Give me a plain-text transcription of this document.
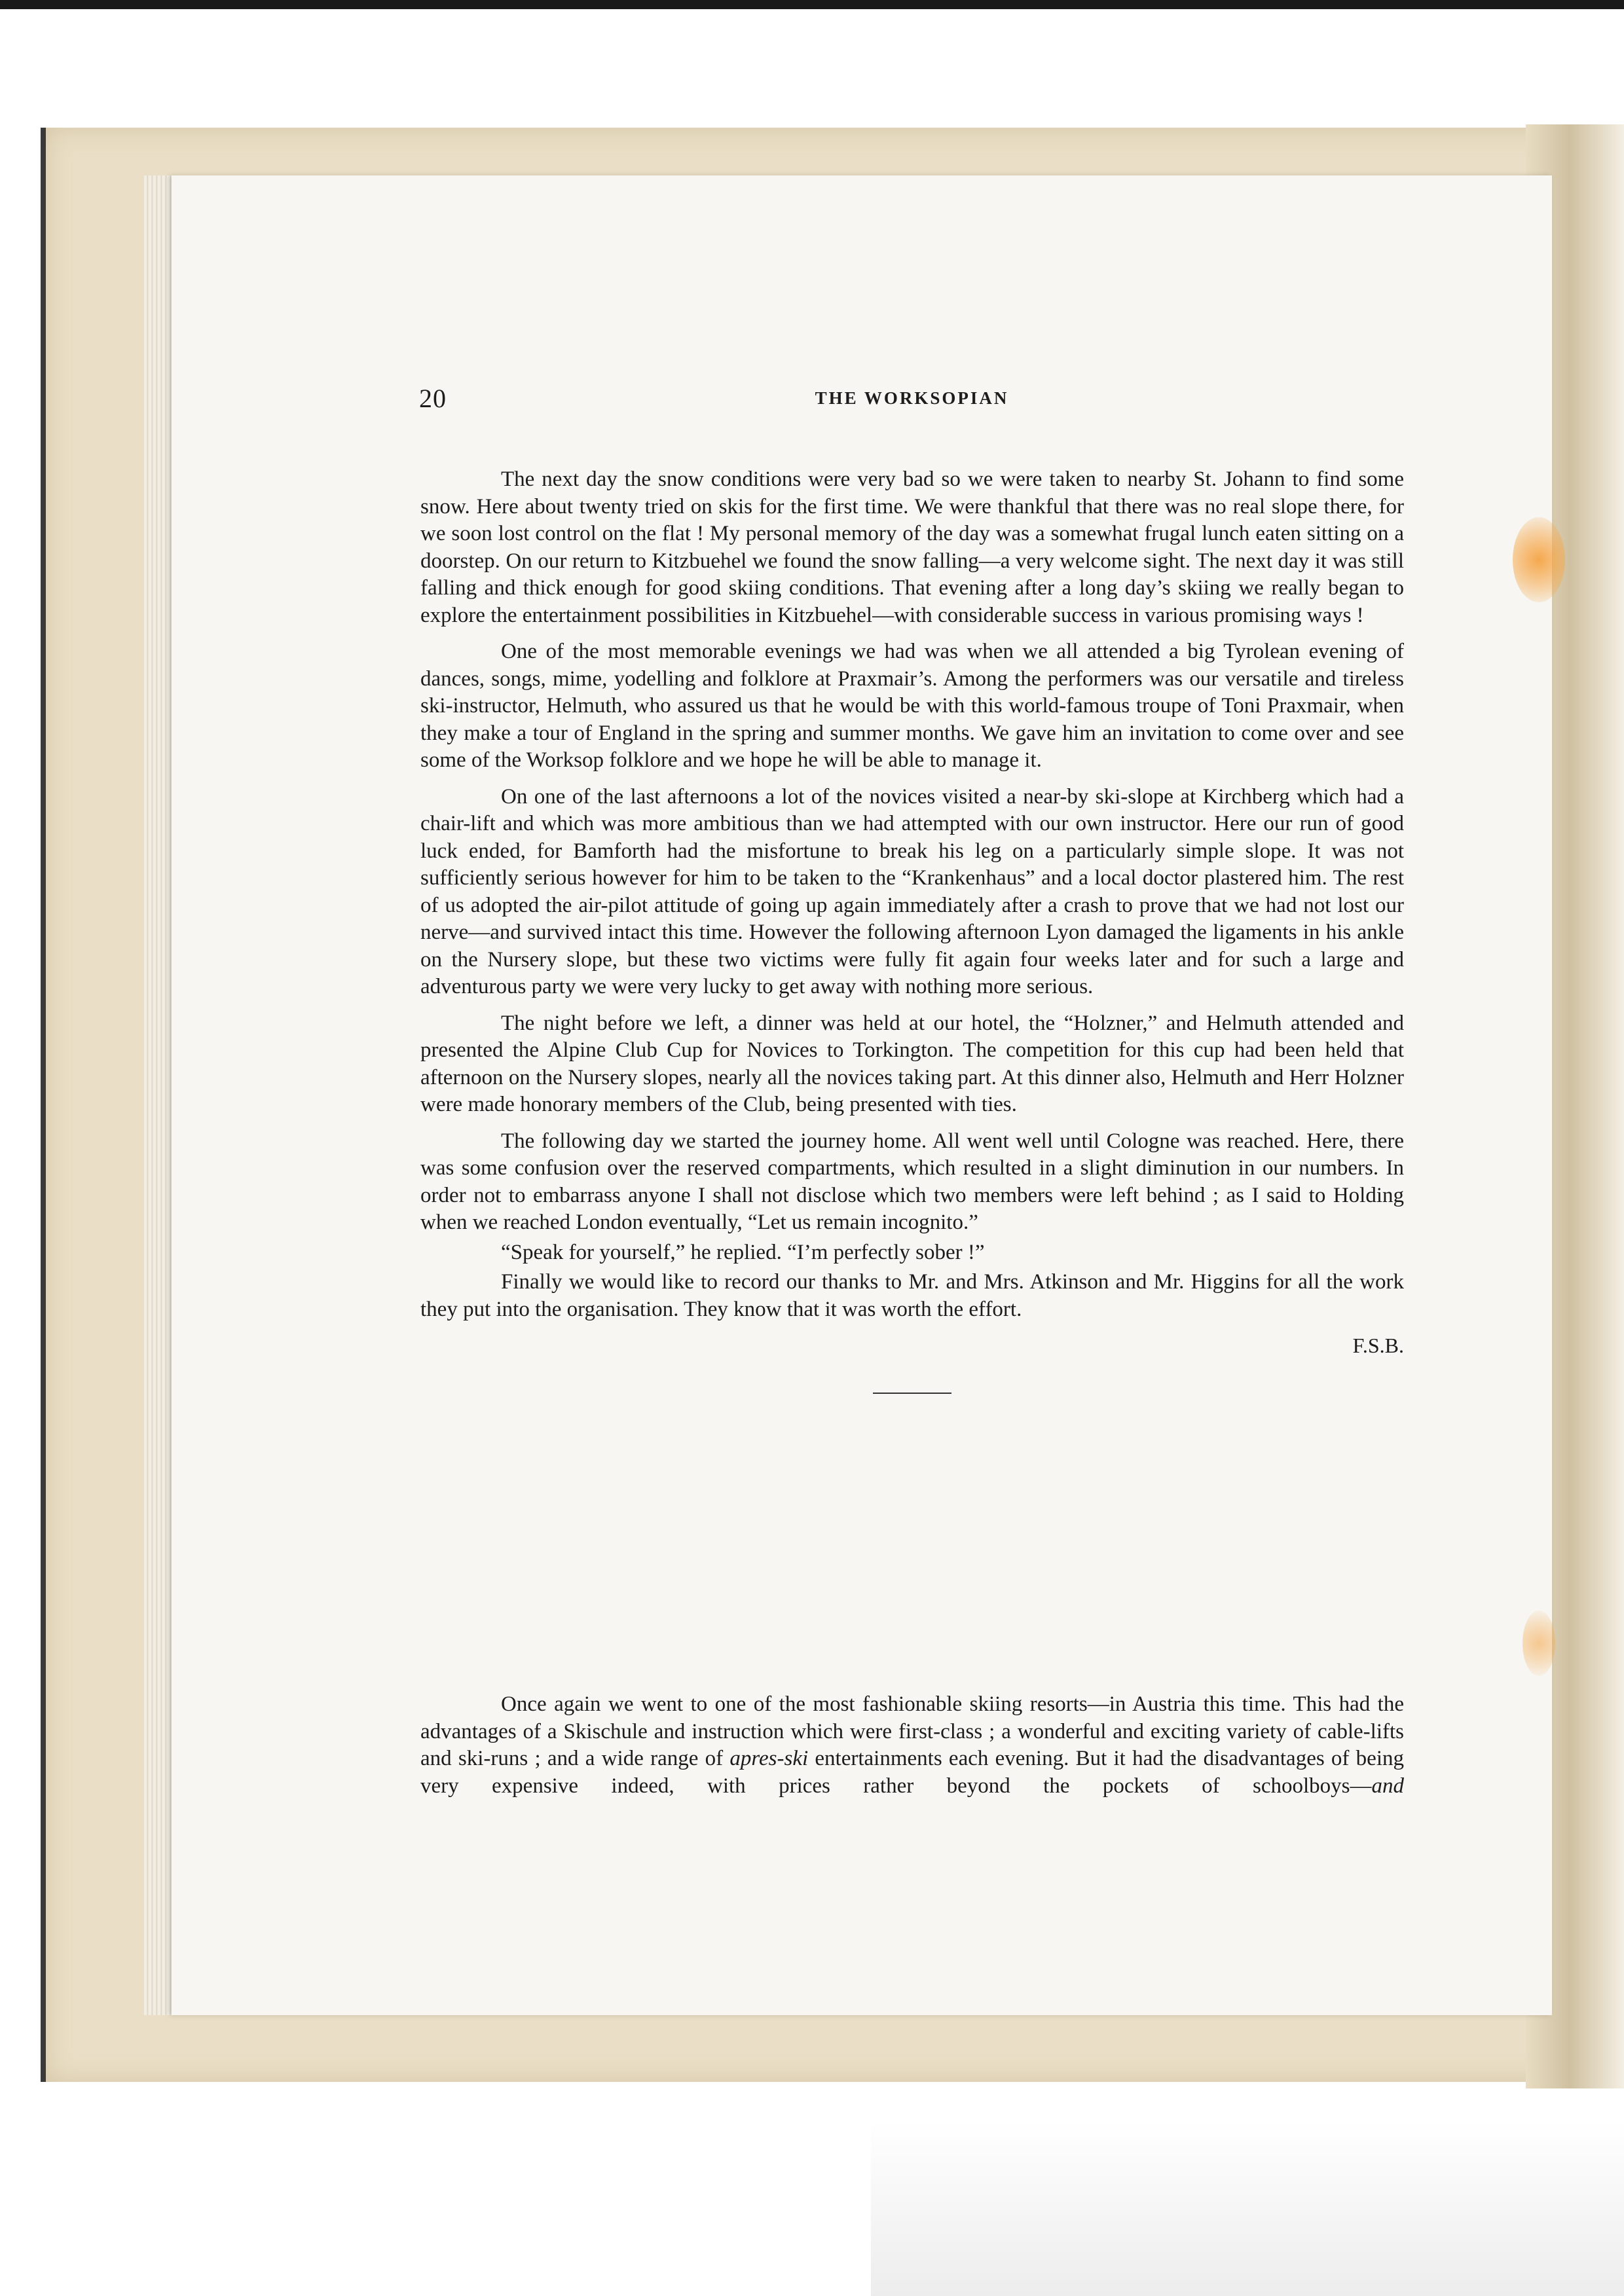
20	THE WORKSOPIAN

The next day the snow conditions were very bad so we were taken to nearby St. Johann to find some snow. Here about twenty tried on skis for the first time. We were thankful that there was no real slope there, for we soon lost control on the flat ! My personal memory of the day was a somewhat frugal lunch eaten sitting on a doorstep. On our return to Kitzbuehel we found the snow falling—a very welcome sight. The next day it was still falling and thick enough for good skiing conditions. That evening after a long day’s skiing we really began to explore the entertainment possibilities in Kitzbuehel—with considerable success in various promising ways !

One of the most memorable evenings we had was when we all attended a big Tyrolean evening of dances, songs, mime, yodelling and folklore at Praxmair’s. Among the performers was our versatile and tireless ski-instructor, Helmuth, who assured us that he would be with this world-famous troupe of Toni Praxmair, when they make a tour of England in the spring and summer months. We gave him an invitation to come over and see some of the Worksop folklore and we hope he will be able to manage it.

On one of the last afternoons a lot of the novices visited a near-by ski-slope at Kirchberg which had a chair-lift and which was more ambitious than we had attempted with our own instructor. Here our run of good luck ended, for Bamforth had the misfortune to break his leg on a particularly simple slope. It was not sufficiently serious however for him to be taken to the “Krankenhaus” and a local doctor plastered him. The rest of us adopted the air-pilot attitude of going up again immediately after a crash to prove that we had not lost our nerve—and survived intact this time. However the following afternoon Lyon damaged the ligaments in his ankle on the Nursery slope, but these two victims were fully fit again four weeks later and for such a large and adventurous party we were very lucky to get away with nothing more serious.

The night before we left, a dinner was held at our hotel, the “Holzner,” and Helmuth attended and presented the Alpine Club Cup for Novices to Torkington. The competition for this cup had been held that afternoon on the Nursery slopes, nearly all the novices taking part. At this dinner also, Helmuth and Herr Holzner were made honorary members of the Club, being presented with ties.

The following day we started the journey home. All went well until Cologne was reached. Here, there was some confusion over the reserved compartments, which resulted in a slight diminution in our numbers. In order not to embarrass anyone I shall not disclose which two members were left behind ; as I said to Holding when we reached London eventually, “Let us remain incognito.”

“Speak for yourself,” he replied. “I’m perfectly sober !”

Finally we would like to record our thanks to Mr. and Mrs. Atkinson and Mr. Higgins for all the work they put into the organisation. They know that it was worth the effort.

F.S.B.

Once again we went to one of the most fashionable skiing resorts—in Austria this time. This had the advantages of a Skischule and instruction which were first-class ; a wonderful and exciting variety of cable-lifts and ski-runs ; and a wide range of apres-ski entertainments each evening. But it had the disadvantages of being very expensive indeed, with prices rather beyond the pockets of schoolboys—and
